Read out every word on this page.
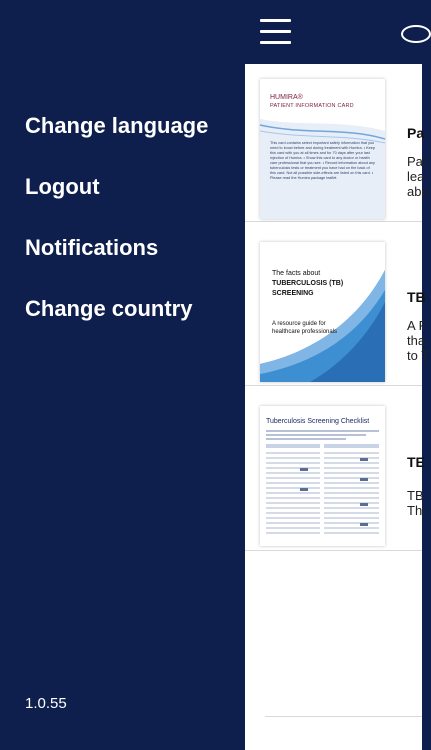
Change language
Logout
Notifications
Change country
1.0.55
HUMIRA®
PATIENT INFORMATION CARD
This card contains select important safety information that you need to know before and during treatment with Humira. • Keep this card with you at all times and for 70 days after your last injection of Humira. • Show this card to any doctor or health care professional that you see. • Record information about any tuberculosis tests or treatment you have had on the back of this card. Not all possible side-effects are listed on this card. • Please read the Humira package leaflet
Pa
Pat
lea
abo
The facts about
TUBERCULOSIS (TB)
SCREENING
A resource guide for
healthcare professionals
TB
A F
tha
to T
Tuberculosis Screening Checklist
TE
TB
Thi
